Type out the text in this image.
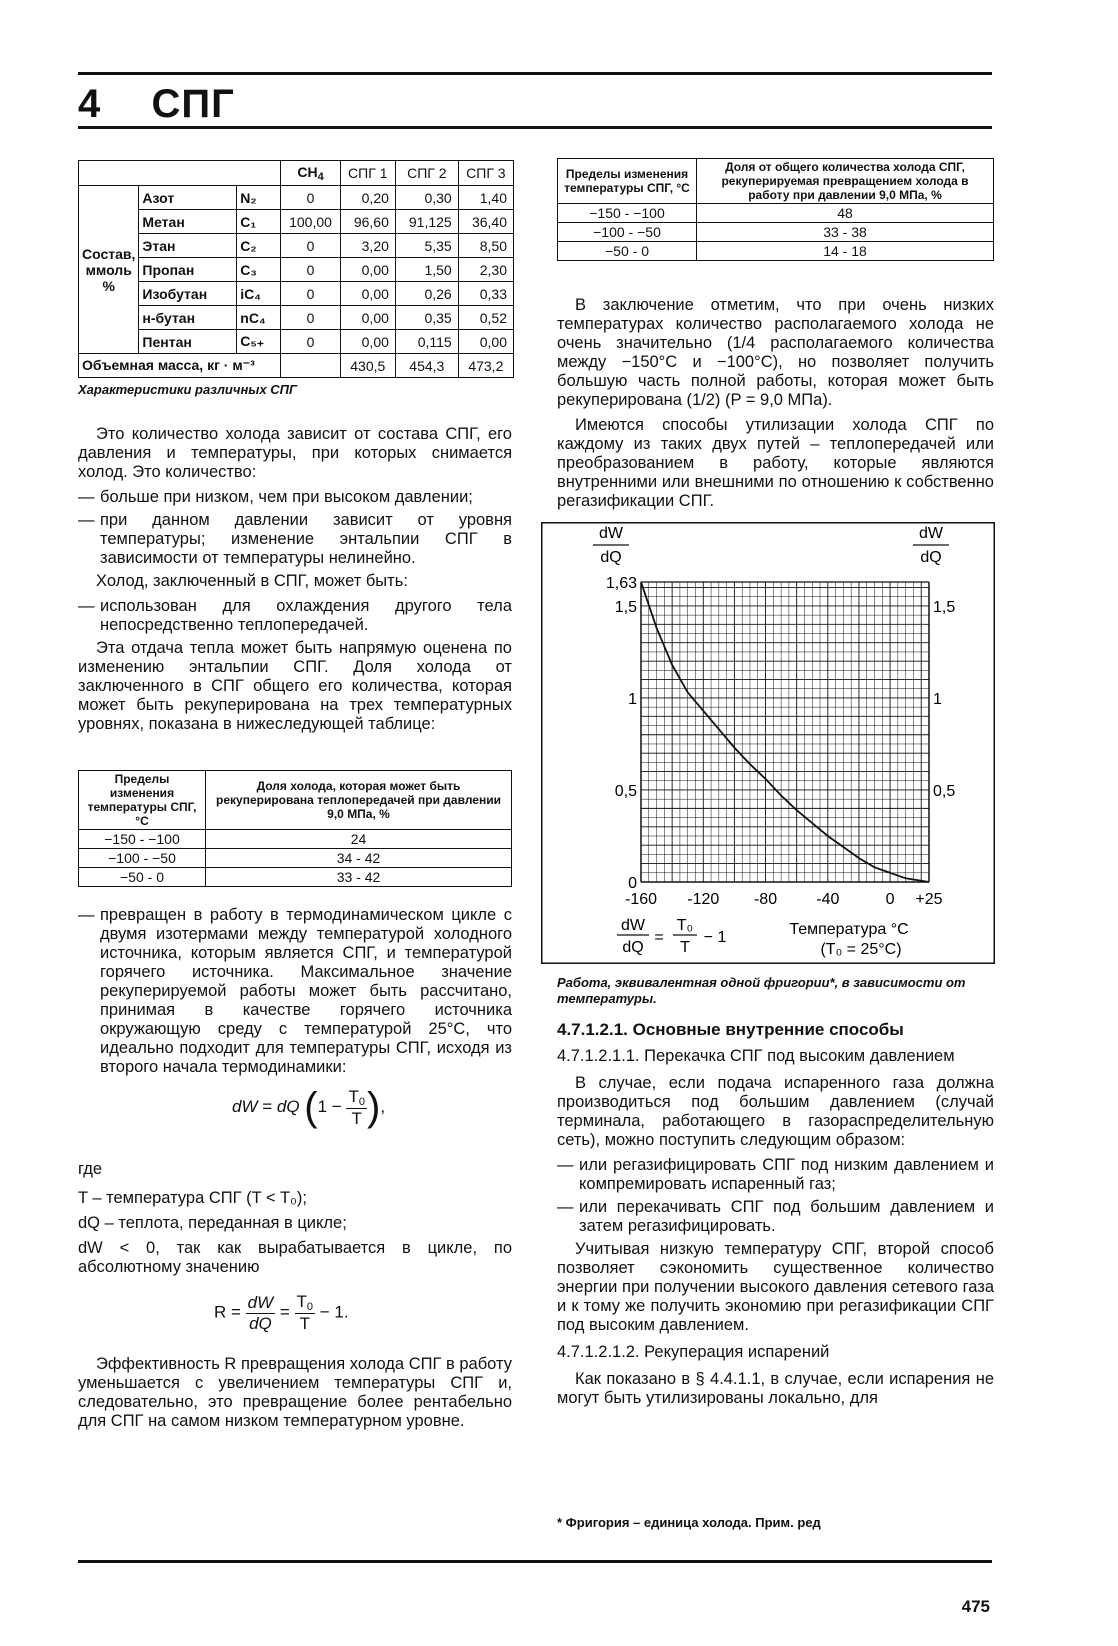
4 СПГ
			$CH_4$	СПГ 1	СПГ 2	СПГ 3
Состав, ммоль %	Азот	N₂	0	0,20	0,30	1,40
	Метан	C₁	100,00	96,60	91,125	36,40
	Этан	C₂	0	3,20	5,35	8,50
	Пропан	C₃	0	0,00	1,50	2,30
	Изобутан	iC₄	0	0,00	0,26	0,33
	н-бутан	nC₄	0	0,00	0,35	0,52
	Пентан	C₅₊	0	0,00	0,115	0,00
Объемная масса, кг · м⁻³				430,5	454,3	473,2
Характеристики различных СПГ

Это количество холода зависит от состава СПГ, его давления и температуры, при которых снимается холод. Это количество:

— больше при низком, чем при высоком давлении;
— при данном давлении зависит от уровня температуры; изменение энтальпии СПГ в зависимости от температуры нелинейно.

Холод, заключенный в СПГ, может быть:

— использован для охлаждения другого тела непосредственно теплопередачей.

Эта отдача тепла может быть напрямую оценена по изменению энтальпии СПГ. Доля холода от заключенного в СПГ общего его количества, которая может быть рекуперирована на трех температурных уровнях, показана в нижеследующей таблице:

Пределы изменения температуры СПГ, °C	Доля холода, которая может быть рекуперирована теплопередачей при давлении 9,0 МПа, %
−150 - −100	24
−100 - −50	34 - 42
−50 - 0	33 - 42
— превращен в работу в термодинамическом цикле с двумя изотермами между температурой холодного источника, которым является СПГ, и температурой горячего источника. Максимальное значение рекуперируемой работы может быть рассчитано, принимая в качестве горячего источника окружающую среду с температурой 25°C, что идеально подходит для температуры СПГ, исходя из второго начала термодинамики:
dW = dQ ($1 - \frac{T_0}{T}$ ),

где

T – температура СПГ (T < T₀);

dQ – теплота, переданная в цикле;

dW < 0, так как вырабатывается в цикле, по абсолютному значению

$R = \frac{dW}{dQ} = \frac{T_0}{T} - 1$.

Эффективность R превращения холода СПГ в работу уменьшается с увеличением температуры СПГ и, следовательно, это превращение более рентабельно для СПГ на самом низком температурном уровне.

Пределы изменения температуры СПГ, °C	Доля от общего количества холода СПГ, рекуперируемая превращением холода в работу при давлении 9,0 МПа, %
−150 - −100	48
−100 - −50	33 - 38
−50 - 0	14 - 18

В заключение отметим, что при очень низких температурах количество располагаемого холода не очень значительно (1/4 располагаемого количества между −150°C и −100°C), но позволяет получить большую часть полной работы, которая может быть рекуперирована (1/2) (P = 9,0 МПа).

Имеются способы утилизации холода СПГ по каждому из таких двух путей – теплопередачей или преобразованием в работу, которые являются внутренними или внешними по отношению к собственно регазификации СПГ.

0
0,5
1
1,5
1,63
0,5
1
1,5
-160 -120 -80 -40	0 +25
dW
dQ
dW
dQ
dW
dQ
=
T₀
T
− 1	Температура °C
(T₀ = 25°C)
Работа, эквивалентная одной фригории*, в зависимости от температуры.

4.7.1.2.1. Основные внутренние способы

4.7.1.2.1.1. Перекачка СПГ под высоким давлением

В случае, если подача испаренного газа должна производиться под большим давлением (случай терминала, работающего в газораспределительную сеть), можно поступить следующим образом:

— или регазифицировать СПГ под низким давлением и компремировать испаренный газ;
— или перекачивать СПГ под большим давлением и затем регазифицировать.

Учитывая низкую температуру СПГ, второй способ позволяет сэкономить существенное количество энергии при получении высокого давления сетевого газа и к тому же получить экономию при регазификации СПГ под высоким давлением.

4.7.1.2.1.2. Рекуперация испарений

Как показано в § 4.4.1.1, в случае, если испарения не могут быть утилизированы локально, для

* Фригория – единица холода. Прим. ред
475
